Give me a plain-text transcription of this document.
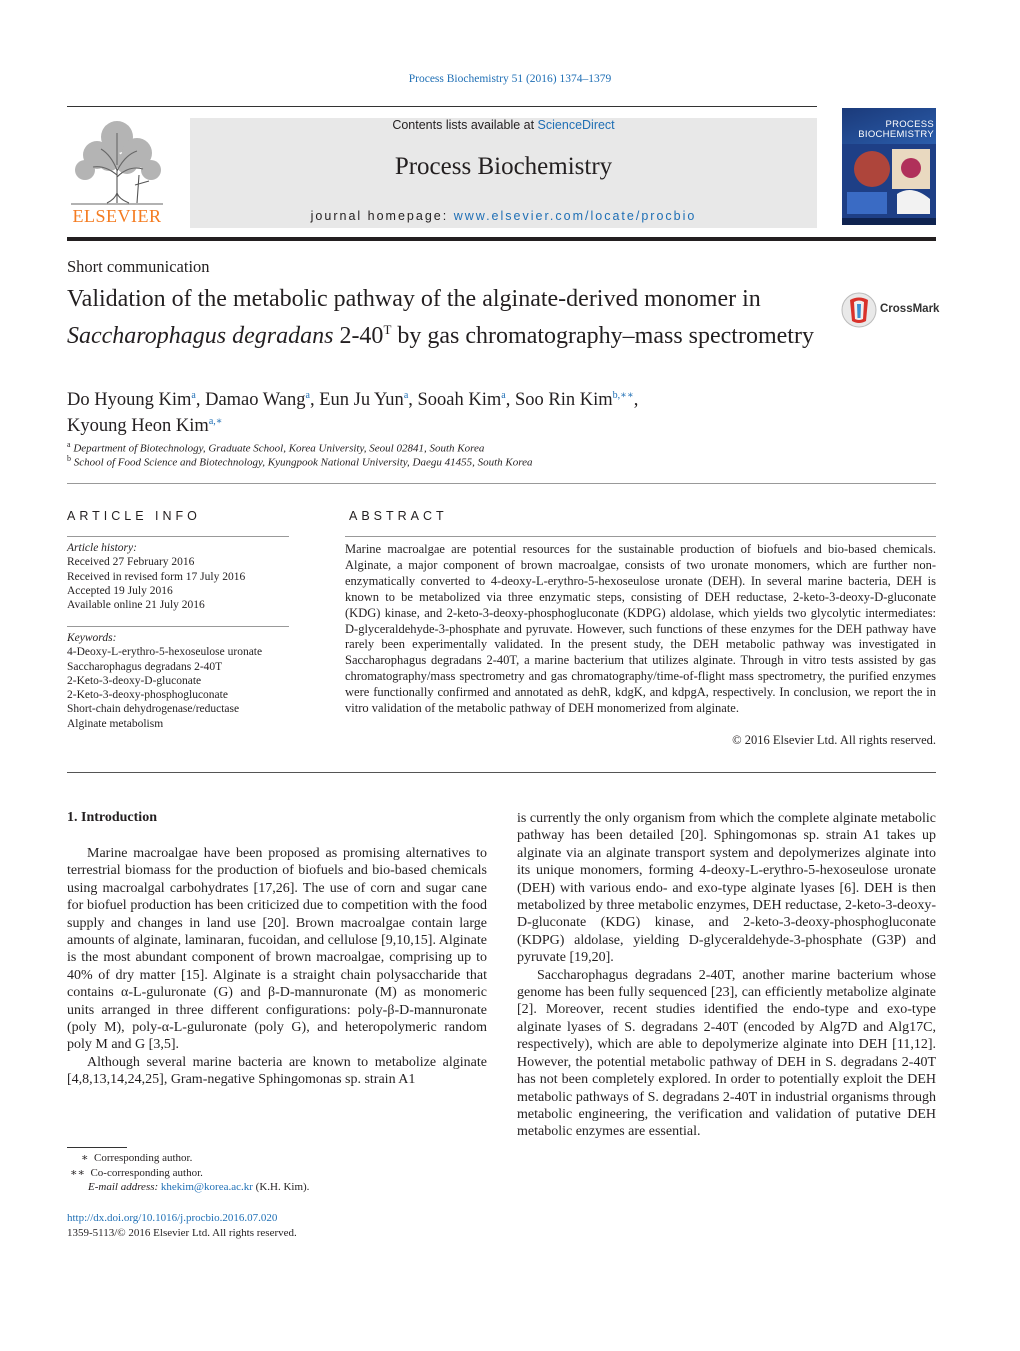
Process Biochemistry 51 (2016) 1374–1379
ELSEVIER
Contents lists available at ScienceDirect
Process Biochemistry
journal homepage: www.elsevier.com/locate/procbio
PROCESS
BIOCHEMISTRY
Short communication
Validation of the metabolic pathway of the alginate-derived monomer in Saccharophagus degradans $2-40^T$ by gas chromatography–mass spectrometry
CrossMark
Do Hyoung Kim$^a$, Damao Wang$^a$, Eun Ju Yun$^a$, Sooah Kim$^a$, Soo Rin Kim$^{b,∗∗}$,
Kyoung Heon Kim$^{a,∗}$
$^a$ Department of Biotechnology, Graduate School, Korea University, Seoul 02841, South Korea
$^b$ School of Food Science and Biotechnology, Kyungpook National University, Daegu 41455, South Korea
ARTICLE INFO
Article history:
Received 27 February 2016
Received in revised form 17 July 2016
Accepted 19 July 2016
Available online 21 July 2016
Keywords:
4-Deoxy-L-erythro-5-hexoseulose uronate
Saccharophagus degradans 2-40T
2-Keto-3-deoxy-D-gluconate
2-Keto-3-deoxy-phosphogluconate
Short-chain dehydrogenase/reductase
Alginate metabolism
ABSTRACT
Marine macroalgae are potential resources for the sustainable production of biofuels and bio-based chemicals. Alginate, a major component of brown macroalgae, consists of two uronate monomers, which are further non-enzymatically converted to 4-deoxy-L-erythro-5-hexoseulose uronate (DEH). In several marine bacteria, DEH is known to be metabolized via three enzymatic steps, consisting of DEH reductase, 2-keto-3-deoxy-D-gluconate (KDG) kinase, and 2-keto-3-deoxy-phosphogluconate (KDPG) aldolase, which yields two glycolytic intermediates: D-glyceraldehyde-3-phosphate and pyruvate. However, such functions of these enzymes for the DEH pathway have rarely been experimentally validated. In the present study, the DEH metabolic pathway was investigated in Saccharophagus degradans 2-40T, a marine bacterium that utilizes alginate. Through in vitro tests assisted by gas chromatography/mass spectrometry and gas chromatography/time-of-flight mass spectrometry, the purified enzymes were functionally confirmed and annotated as dehR, kdgK, and kdpgA, respectively. In conclusion, we report the in vitro validation of the metabolic pathway of DEH monomerized from alginate.
© 2016 Elsevier Ltd. All rights reserved.
1. Introduction

Marine macroalgae have been proposed as promising alternatives to terrestrial biomass for the production of biofuels and bio-based chemicals using macroalgal carbohydrates [17,26]. The use of corn and sugar cane for biofuel production has been criticized due to competition with the food supply and changes in land use [20]. Brown macroalgae contain large amounts of alginate, laminaran, fucoidan, and cellulose [9,10,15]. Alginate is the most abundant component of brown macroalgae, comprising up to 40% of dry matter [15]. Alginate is a straight chain polysaccharide that contains α-L-guluronate (G) and β-D-mannuronate (M) as monomeric units arranged in three different configurations: poly-β-D-mannuronate (poly M), poly-α-L-guluronate (poly G), and heteropolymeric random poly M and G [3,5].

Although several marine bacteria are known to metabolize alginate [4,8,13,14,24,25], Gram-negative Sphingomonas sp. strain A1

is currently the only organism from which the complete alginate metabolic pathway has been detailed [20]. Sphingomonas sp. strain A1 takes up alginate via an alginate transport system and depolymerizes alginate into its unique monomers, forming 4-deoxy-L-erythro-5-hexoseulose uronate (DEH) with various endo- and exo-type alginate lyases [6]. DEH is then metabolized by three metabolic enzymes, DEH reductase, 2-keto-3-deoxy-D-gluconate (KDG) kinase, and 2-keto-3-deoxy-phosphogluconate (KDPG) aldolase, yielding D-glyceraldehyde-3-phosphate (G3P) and pyruvate [19,20].

Saccharophagus degradans 2-40T, another marine bacterium whose genome has been fully sequenced [23], can efficiently metabolize alginate [2]. Moreover, recent studies identified the endo-type and exo-type alginate lyases of S. degradans 2-40T (encoded by Alg7D and Alg17C, respectively), which are able to depolymerize alginate into DEH [11,12]. However, the potential metabolic pathway of DEH in S. degradans 2-40T has not been completely explored. In order to potentially exploit the DEH metabolic pathways of S. degradans 2-40T in industrial organisms through metabolic engineering, the verification and validation of putative DEH metabolic enzymes are essential.

∗  Corresponding author.
∗∗  Co-corresponding author.
E-mail address: khekim@korea.ac.kr (K.H. Kim).
http://dx.doi.org/10.1016/j.procbio.2016.07.020
1359-5113/© 2016 Elsevier Ltd. All rights reserved.
